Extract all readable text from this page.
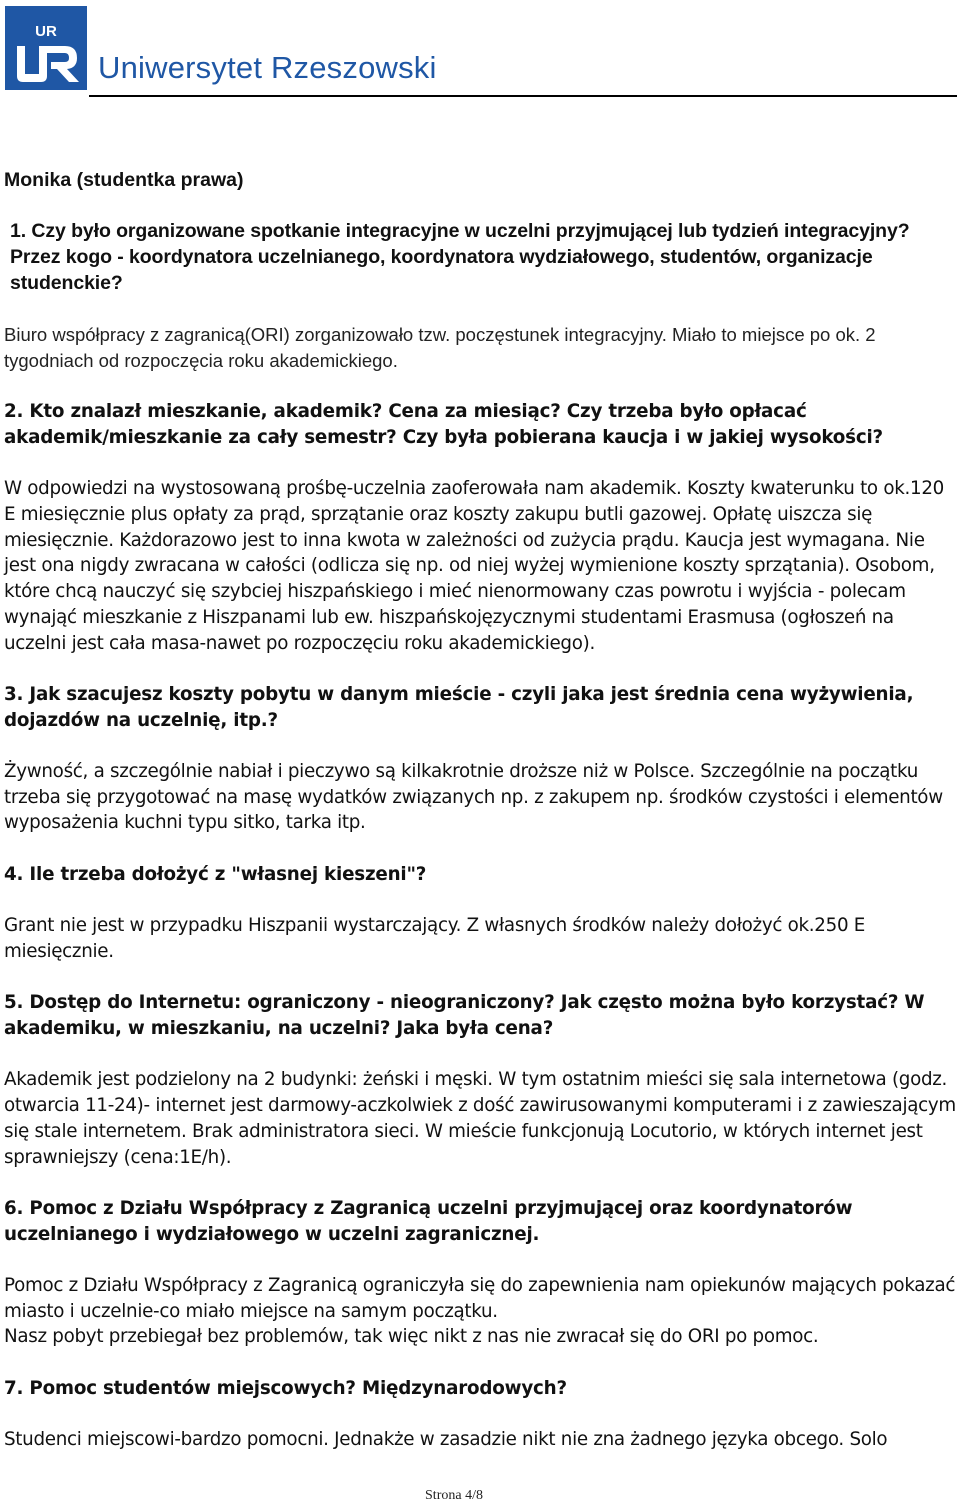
UR
Uniwersytet Rzeszowski

Monika (studentka prawa)

1. Czy było organizowane spotkanie integracyjne w uczelni przyjmującej lub tydzień integracyjny? Przez kogo - koordynatora uczelnianego, koordynatora wydziałowego, studentów, organizacje studenckie?

Biuro współpracy z zagranicą(ORI) zorganizowało tzw. poczęstunek integracyjny. Miało to miejsce po ok. 2 tygodniach od rozpoczęcia roku akademickiego.

2. Kto znalazł mieszkanie, akademik? Cena za miesiąc? Czy trzeba było opłacać akademik/mieszkanie za cały semestr? Czy była pobierana kaucja i w jakiej wysokości?

W odpowiedzi na wystosowaną prośbę-uczelnia zaoferowała nam akademik. Koszty kwaterunku to ok.120 E miesięcznie plus opłaty za prąd, sprzątanie oraz koszty zakupu butli gazowej. Opłatę uiszcza się miesięcznie. Każdorazowo jest to inna kwota w zależności od zużycia prądu. Kaucja jest wymagana. Nie jest ona nigdy zwracana w całości (odlicza się np. od niej wyżej wymienione koszty sprzątania). Osobom, które chcą nauczyć się szybciej hiszpańskiego i mieć nienormowany czas powrotu i wyjścia - polecam wynająć mieszkanie z Hiszpanami lub ew. hiszpańskojęzycznymi studentami Erasmusa (ogłoszeń na uczelni jest cała masa-nawet po rozpoczęciu roku akademickiego).

3. Jak szacujesz koszty pobytu w danym mieście - czyli jaka jest średnia cena wyżywienia, dojazdów na uczelnię, itp.?

Żywność, a szczególnie nabiał i pieczywo są kilkakrotnie droższe niż w Polsce. Szczególnie na początku trzeba się przygotować na masę wydatków związanych np. z zakupem np. środków czystości i elementów wyposażenia kuchni typu sitko, tarka itp.

4. Ile trzeba dołożyć z "własnej kieszeni"?

Grant nie jest w przypadku Hiszpanii wystarczający. Z własnych środków należy dołożyć ok.250 E miesięcznie.

5. Dostęp do Internetu: ograniczony - nieograniczony? Jak często można było korzystać? W akademiku, w mieszkaniu, na uczelni? Jaka była cena?

Akademik jest podzielony na 2 budynki: żeński i męski. W tym ostatnim mieści się sala internetowa (godz. otwarcia 11-24)- internet jest darmowy-aczkolwiek z dość zawirusowanymi komputerami i z zawieszającym się stale internetem. Brak administratora sieci. W mieście funkcjonują Locutorio, w których internet jest sprawniejszy (cena:1E/h).

6. Pomoc z Działu Współpracy z Zagranicą uczelni przyjmującej oraz koordynatorów uczelnianego i wydziałowego w uczelni zagranicznej.

Pomoc z Działu Współpracy z Zagranicą ograniczyła się do zapewnienia nam opiekunów mających pokazać miasto i uczelnie-co miało miejsce na samym początku.

Nasz pobyt przebiegał bez problemów, tak więc nikt z nas nie zwracał się do ORI po pomoc.

7. Pomoc studentów miejscowych? Międzynarodowych?

Studenci miejscowi-bardzo pomocni. Jednakże w zasadzie nikt nie zna żadnego języka obcego. Solo

Strona 4/8
